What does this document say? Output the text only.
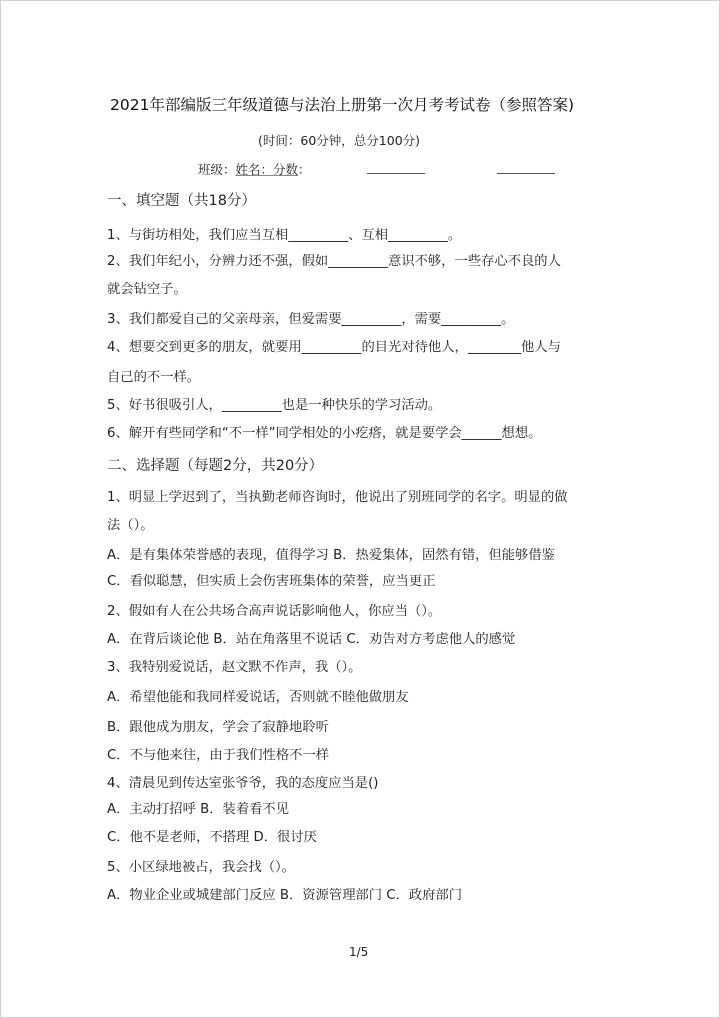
2021年部编版三年级道德与法治上册第一次月考考试卷（参照答案)
(时间：60分钟，总分100分)
班级：姓名：分数：
一、填空题（共18分）
1、与街坊相处，我们应当互相_________、互相_________。
2、我们年纪小，分辨力还不强，假如_________意识不够，一些存心不良的人
就会钻空子。
3、我们都爱自己的父亲母亲，但爱需要_________，需要_________。
4、想要交到更多的朋友，就要用_________的目光对待他人，________他人与
自己的不一样。
5、好书很吸引人，_________也是一种快乐的学习活动。
6、解开有些同学和“不一样”同学相处的小疙瘩，就是要学会______想想。
二、选择题（每题2分，共20分）
1、明显上学迟到了，当执勤老师咨询时，他说出了别班同学的名字。明显的做
法（）。
A．是有集体荣誉感的表现，值得学习 B．热爱集体，固然有错，但能够借鉴
C．看似聪慧，但实质上会伤害班集体的荣誉，应当更正
2、假如有人在公共场合高声说话影响他人，你应当（）。
A．在背后谈论他 B．站在角落里不说话 C．劝告对方考虑他人的感觉
3、我特别爱说话，赵文默不作声，我（）。
A．希望他能和我同样爱说话，否则就不睦他做朋友
B．跟他成为朋友，学会了寂静地聆听
C．不与他来往，由于我们性格不一样
4、清晨见到传达室张爷爷，我的态度应当是()
A．主动打招呼 B．装着看不见
C．他不是老师，不搭理 D．很讨厌
5、小区绿地被占，我会找（）。
A．物业企业或城建部门反应 B．资源管理部门 C．政府部门
1/5
